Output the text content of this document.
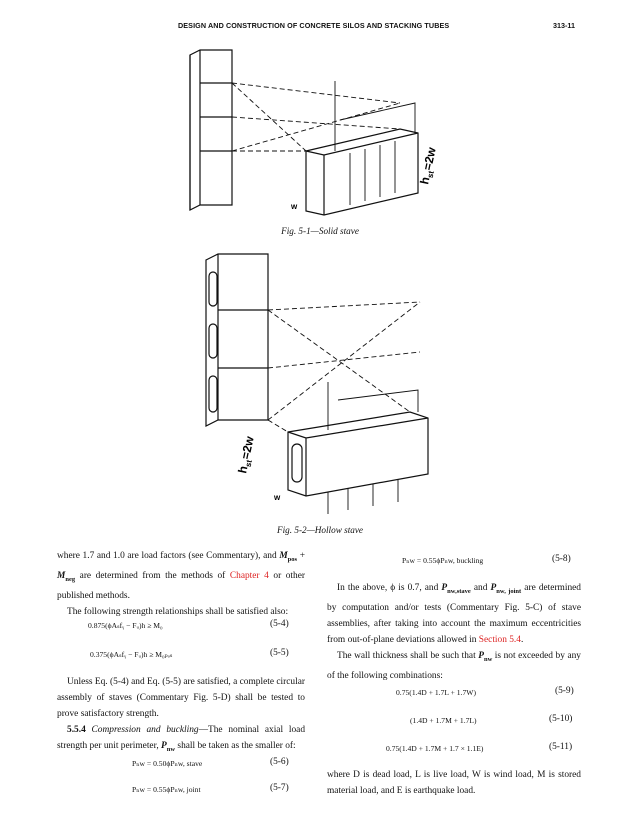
DESIGN AND CONSTRUCTION OF CONCRETE SILOS AND STACKING TUBES	313-11
$h_{st}=2w$
w
Fig. 5-1—Solid stave
$h_{st}=2w$
w
Fig. 5-2—Hollow stave

where 1.7 and 1.0 are load factors (see Commentary), and $M_{pos} + M_{neg}$ are determined from the methods of Chapter 4 or other published methods.

The following strength relationships shall be satisfied also:

0.875(ϕAₛfᵧ − Fᵤ)h ≥ M₀	(5-4)
0.375(ϕAₛfᵧ − Fᵤ)h ≥ M₀ₚₒₛ	(5-5)

Unless Eq. (5-4) and Eq. (5-5) are satisfied, a complete circular assembly of staves (Commentary Fig. 5-D) shall be tested to prove satisfactory strength.

5.5.4 Compression and buckling—The nominal axial load strength per unit perimeter, $P_{nw}$ shall be taken as the smaller of:

Pₙw = 0.50ϕPₙw, stave	(5-6)
Pₙw = 0.55ϕPₙw, joint	(5-7)
Pₙw = 0.55ϕPₙw, buckling	(5-8)

In the above, ϕ is 0.7, and $P_{nw,stave}$ and $P_{nw, joint}$ are determined by computation and/or tests (Commentary Fig. 5-C) of stave assemblies, after taking into account the maximum eccentricities from out-of-plane deviations allowed in Section 5.4.

The wall thickness shall be such that $P_{nw}$ is not exceeded by any of the following combinations:

0.75(1.4D + 1.7L + 1.7W)	(5-9)
(1.4D + 1.7M + 1.7L)	(5-10)
0.75(1.4D + 1.7M + 1.7 × 1.1E)	(5-11)

where D is dead load, L is live load, W is wind load, M is stored material load, and E is earthquake load.
